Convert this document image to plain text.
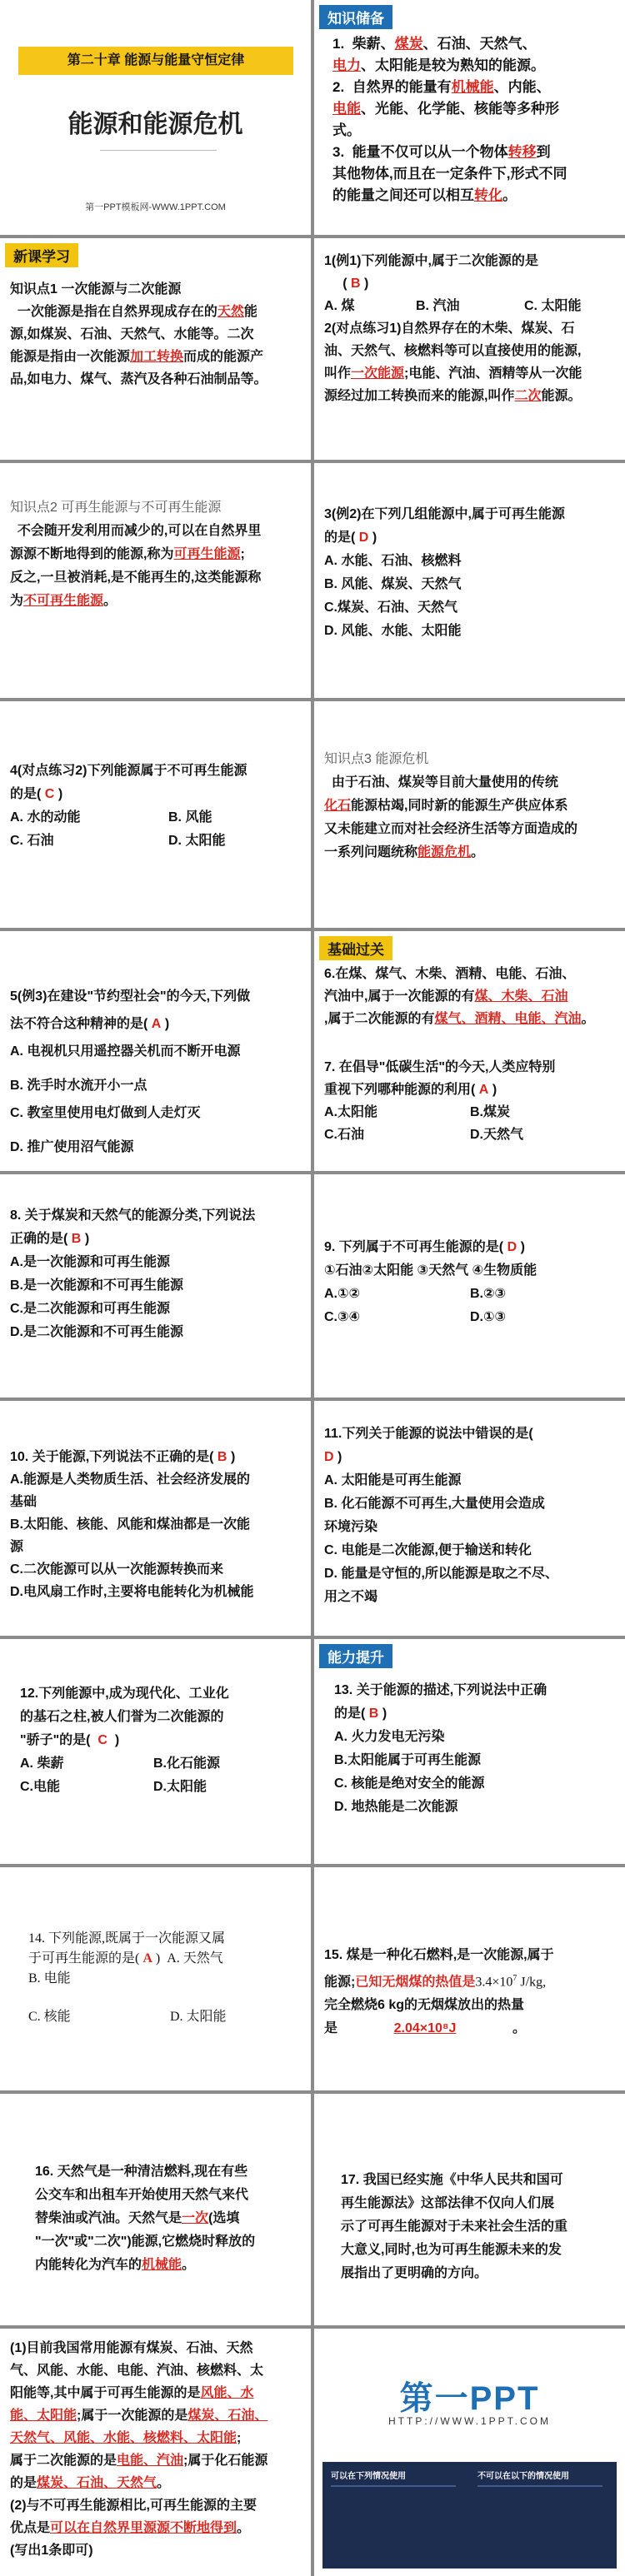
第二十章 能源与能量守恒定律
能源和能源危机
第一PPT模板网-WWW.1PPT.COM
知识储备
1. 柴薪、煤炭、石油、天然气、
电力、太阳能是较为熟知的能源。
2. 自然界的能量有机械能、内能、
电能、光能、化学能、核能等多种形
式。
3. 能量不仅可以从一个物体转移到
其他物体,而且在一定条件下,形式不同
的能量之间还可以相互转化。
新课学习
知识点1 一次能源与二次能源
一次能源是指在自然界现成存在的天然能
源,如煤炭、石油、天然气、水能等。二次
能源是指由一次能源加工转换而成的能源产
品,如电力、煤气、蒸汽及各种石油制品等。
1(例1)下列能源中,属于二次能源的是
( B )
A. 煤	B. 汽油	C. 太阳能
2(对点练习1)自然界存在的木柴、煤炭、石
油、天然气、核燃料等可以直接使用的能源,
叫作一次能源;电能、汽油、酒精等从一次能
源经过加工转换而来的能源,叫作二次能源。
知识点2 可再生能源与不可再生能源
不会随开发利用而减少的,可以在自然界里
源源不断地得到的能源,称为可再生能源;
反之,一旦被消耗,是不能再生的,这类能源称
为不可再生能源。
3(例2)在下列几组能源中,属于可再生能源
的是( D )
A. 水能、石油、核燃料
B. 风能、煤炭、天然气
C.煤炭、石油、天然气
D. 风能、水能、太阳能
4(对点练习2)下列能源属于不可再生能源
的是( C )
A. 水的动能	B. 风能
C. 石油	D. 太阳能
知识点3 能源危机
由于石油、煤炭等目前大量使用的传统
化石能源枯竭,同时新的能源生产供应体系
又未能建立而对社会经济生活等方面造成的
一系列问题统称能源危机。
5(例3)在建设"节约型社会"的今天,下列做
法不符合这种精神的是( A )
A. 电视机只用遥控器关机而不断开电源
B. 洗手时水流开小一点
C. 教室里使用电灯做到人走灯灭
D. 推广使用沼气能源
基础过关
6.在煤、煤气、木柴、酒精、电能、石油、
汽油中,属于一次能源的有煤、木柴、石油
,属于二次能源的有煤气、酒精、电能、汽油。
7. 在倡导"低碳生活"的今天,人类应特别
重视下列哪种能源的利用( A )
A.太阳能	B.煤炭
C.石油	D.天然气
8. 关于煤炭和天然气的能源分类,下列说法
正确的是( B )
A.是一次能源和可再生能源
B.是一次能源和不可再生能源
C.是二次能源和可再生能源
D.是二次能源和不可再生能源
9. 下列属于不可再生能源的是( D )
①石油②太阳能 ③天然气 ④生物质能
A.①②	B.②③
C.③④	D.①③
10. 关于能源,下列说法不正确的是( B )
A.能源是人类物质生活、社会经济发展的
基础
B.太阳能、核能、风能和煤油都是一次能
源
C.二次能源可以从一次能源转换而来
D.电风扇工作时,主要将电能转化为机械能
11.下列关于能源的说法中错误的是(
D )
A. 太阳能是可再生能源
B. 化石能源不可再生,大量使用会造成
环境污染
C. 电能是二次能源,便于输送和转化
D. 能量是守恒的,所以能源是取之不尽、
用之不竭
12.下列能源中,成为现代化、工业化
的基石之柱,被人们誉为二次能源的
"骄子"的是( C )
A. 柴薪	B.化石能源
C.电能	D.太阳能
能力提升
13. 关于能源的描述,下列说法中正确
的是( B )
A. 火力发电无污染
B.太阳能属于可再生能源
C. 核能是绝对安全的能源
D. 地热能是二次能源
14. 下列能源,既属于一次能源又属
于可再生能源的是( A ) A. 天然气
B. 电能
C. 核能	D. 太阳能
15. 煤是一种化石燃料,是一次能源,属于
能源;已知无烟煤的热值是$3.4\times 10^7$ J/kg,
完全燃烧6 kg的无烟煤放出的热量
是	2.04×10⁸J	。
16. 天然气是一种清洁燃料,现在有些
公交车和出租车开始使用天然气来代
替柴油或汽油。天然气是一次(选填
"一次"或"二次")能源,它燃烧时释放的
内能转化为汽车的机械能。
17. 我国已经实施《中华人民共和国可
再生能源法》这部法律不仅向人们展
示了可再生能源对于未来社会生活的重
大意义,同时,也为可再生能源未来的发
展指出了更明确的方向。
(1)目前我国常用能源有煤炭、石油、天然
气、风能、水能、电能、汽油、核燃料、太
阳能等,其中属于可再生能源的是风能、水
能、太阳能;属于一次能源的是煤炭、石油、
天然气、风能、水能、核燃料、太阳能;
属于二次能源的是电能、汽油;属于化石能源
的是煤炭、石油、天然气。
(2)与不可再生能源相比,可再生能源的主要
优点是可以在自然界里源源不断地得到。
(写出1条即可)
第一PPT
HTTP://WWW.1PPT.COM
可以在下列情况使用	不可以在以下的情况使用
